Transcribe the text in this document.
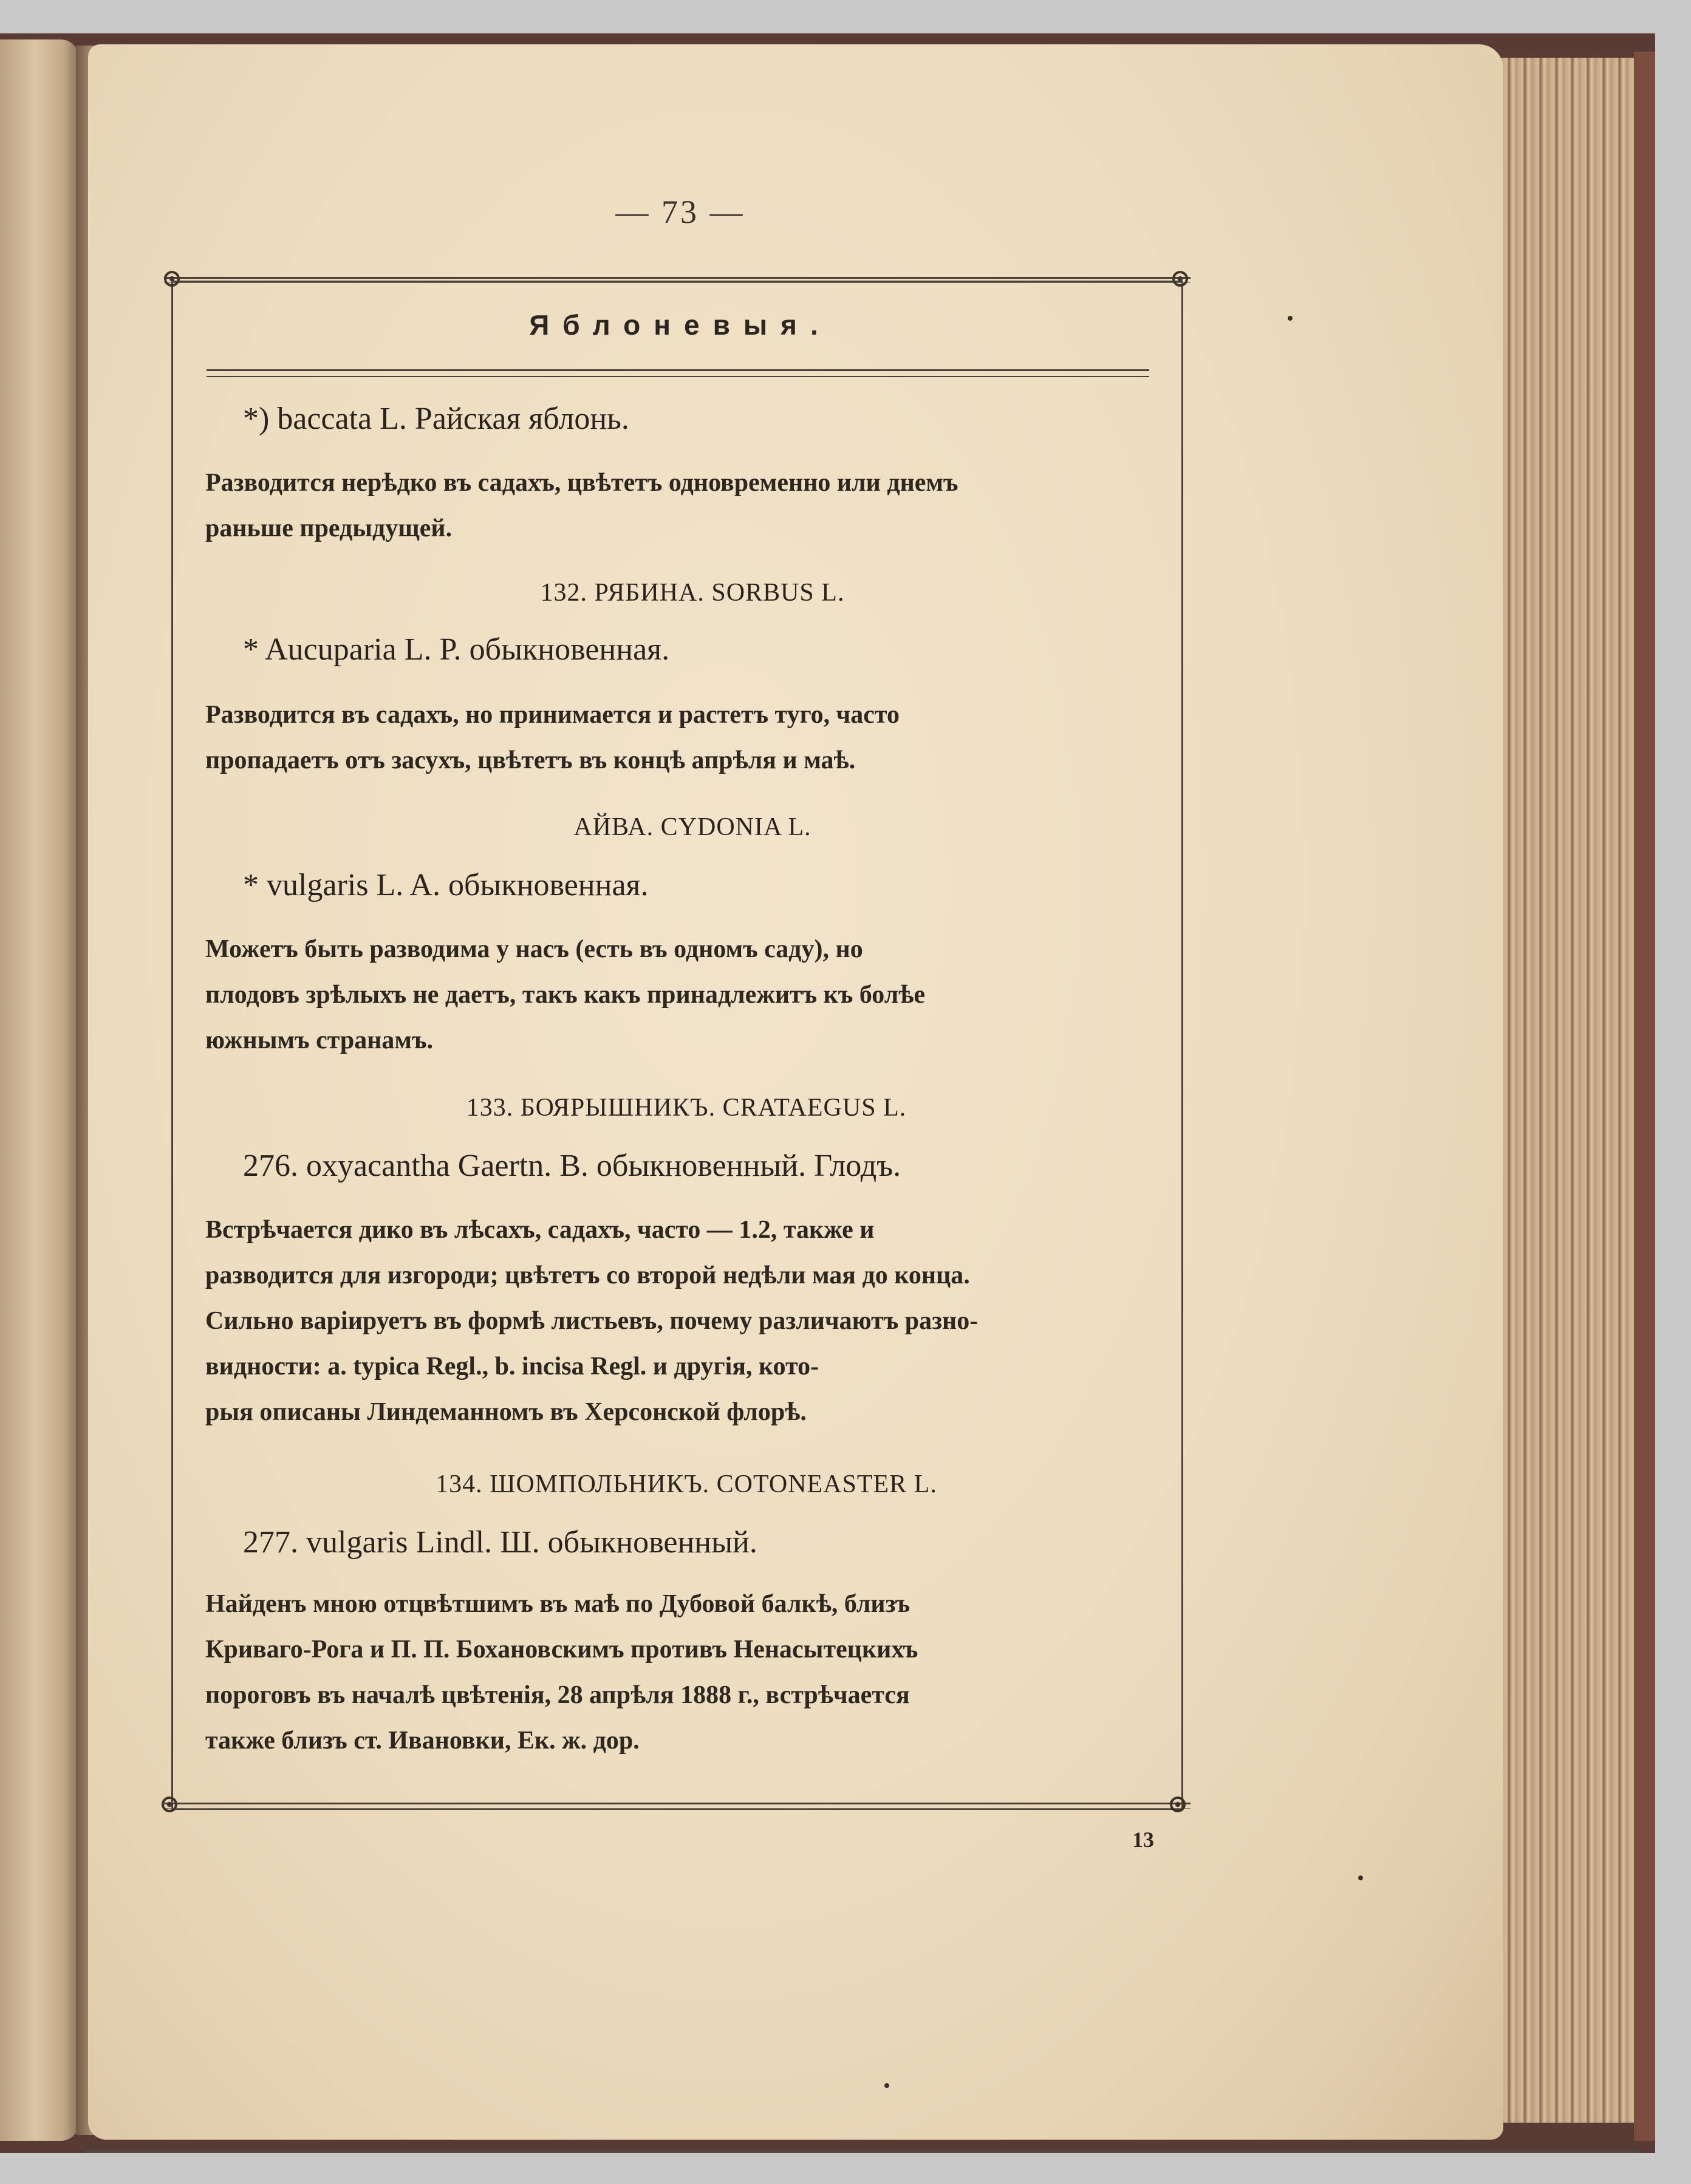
— 73 —
Яблоневыя.
*) baccata L. Райская яблонь.
Разводится нерѣдко въ садахъ, цвѣтетъ одновременно или днемъ
раньше предыдущей.
132. РЯБИНА. SORBUS L.
* Aucuparia L. P. обыкновенная.
Разводится въ садахъ, но принимается и растетъ туго, часто
пропадаетъ отъ засухъ, цвѣтетъ въ концѣ апрѣля и маѣ.
АЙВА. CYDONIA L.
* vulgaris L. A. обыкновенная.
Можетъ быть разводима у насъ (есть въ одномъ саду), но
плодовъ зрѣлыхъ не даетъ, такъ какъ принадлежитъ къ болѣе
южнымъ странамъ.
133. БОЯРЫШНИКЪ. CRATAEGUS L.
276. oxyacantha Gaertn. B. обыкновенный. Глодъ.
Встрѣчается дико въ лѣсахъ, садахъ, часто — 1.2, также и
разводится для изгороди; цвѣтетъ со второй недѣли мая до конца.
Сильно варіируетъ въ формѣ листьевъ, почему различаютъ разно-
видности: a. typica Regl., b. incisa Regl. и другія, кото-
рыя описаны Линдеманномъ въ Херсонской флорѣ.
134. ШОМПОЛЬНИКЪ. COTONEASTER L.
277. vulgaris Lindl. Ш. обыкновенный.
Найденъ мною отцвѣтшимъ въ маѣ по Дубовой балкѣ, близъ
Криваго-Рога и П. П. Бохановскимъ противъ Ненасытецкихъ
пороговъ въ началѣ цвѣтенія, 28 апрѣля 1888 г., встрѣчается
также близъ ст. Ивановки, Ек. ж. дор.
13
